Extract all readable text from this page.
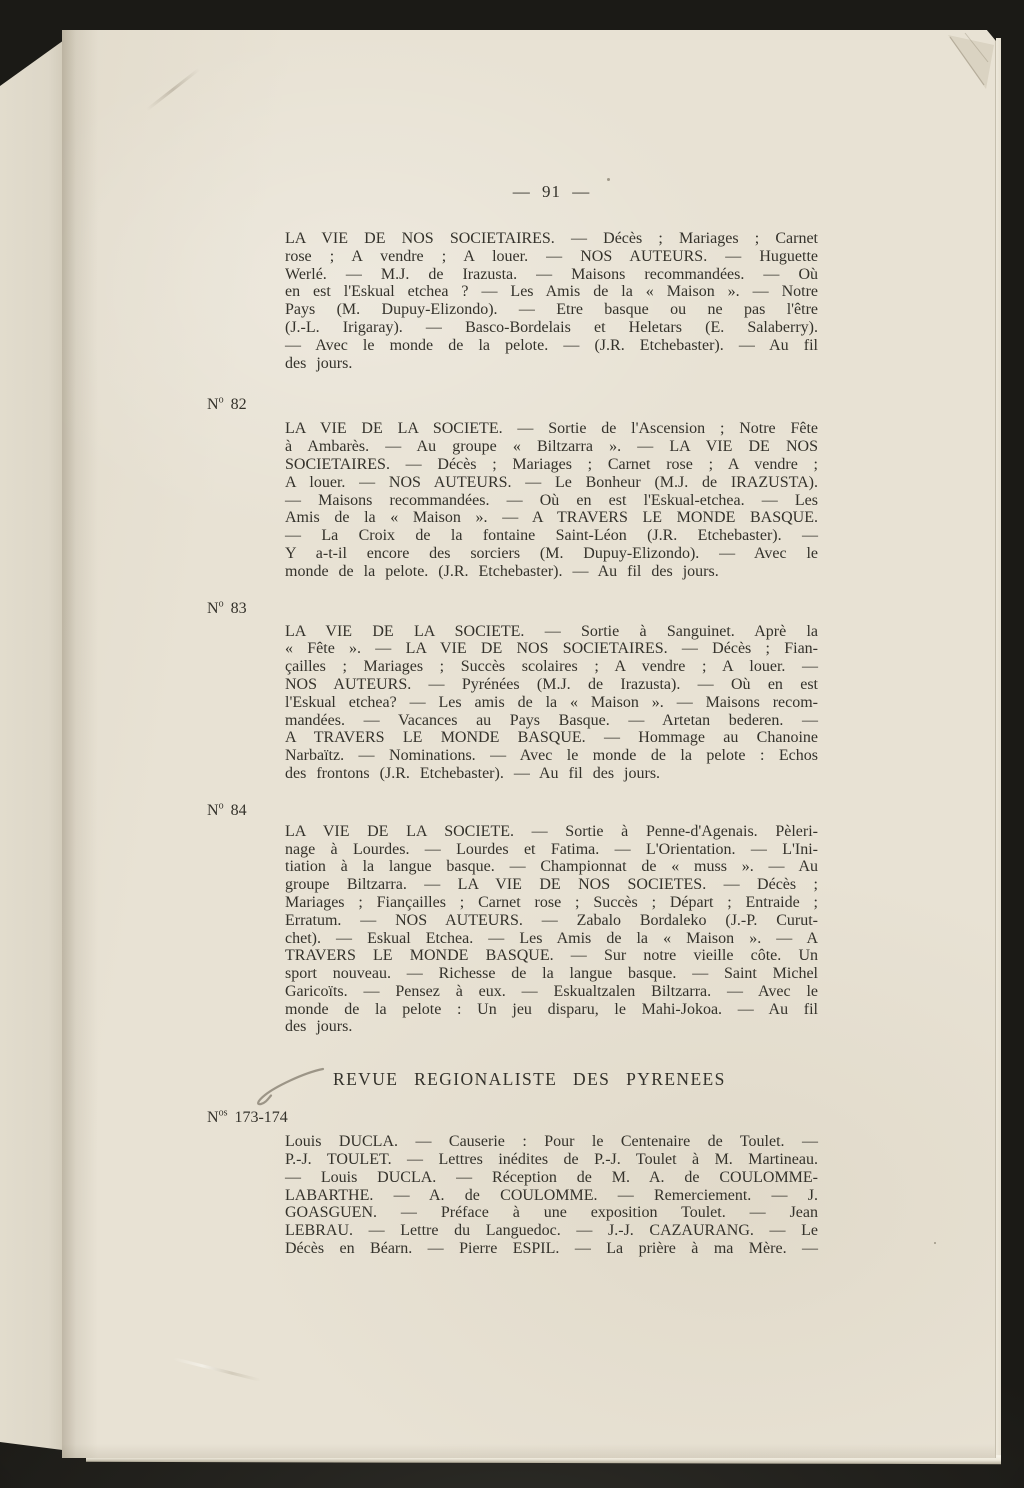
— 91 —
LA VIE DE NOS SOCIETAIRES. — Décès ; Mariages ; Carnet
rose ; A vendre ; A louer. — NOS AUTEURS. — Huguette
Werlé. — M.J. de Irazusta. — Maisons recommandées. — Où
en est l'Eskual etchea ? — Les Amis de la « Maison ». — Notre
Pays (M. Dupuy-Elizondo). — Etre basque ou ne pas l'être
(J.-L. Irigaray). — Basco-Bordelais et Heletars (E. Salaberry).
— Avec le monde de la pelote. — (J.R. Etchebaster). — Au fil
des jours.
$N^o$ 82
LA VIE DE LA SOCIETE. — Sortie de l'Ascension ; Notre Fête
à Ambarès. — Au groupe « Biltzarra ». — LA VIE DE NOS
SOCIETAIRES. — Décès ; Mariages ; Carnet rose ; A vendre ;
A louer. — NOS AUTEURS. — Le Bonheur (M.J. de IRAZUSTA).
— Maisons recommandées. — Où en est l'Eskual-etchea. — Les
Amis de la « Maison ». — A TRAVERS LE MONDE BASQUE.
— La Croix de la fontaine Saint-Léon (J.R. Etchebaster). —
Y a-t-il encore des sorciers (M. Dupuy-Elizondo). — Avec le
monde de la pelote. (J.R. Etchebaster). — Au fil des jours.
$N^o$ 83
LA VIE DE LA SOCIETE. — Sortie à Sanguinet. Aprè la
« Fête ». — LA VIE DE NOS SOCIETAIRES. — Décès ; Fian-
çailles ; Mariages ; Succès scolaires ; A vendre ; A louer. —
NOS AUTEURS. — Pyrénées (M.J. de Irazusta). — Où en est
l'Eskual etchea? — Les amis de la « Maison ». — Maisons recom-
mandées. — Vacances au Pays Basque. — Artetan bederen. —
A TRAVERS LE MONDE BASQUE. — Hommage au Chanoine
Narbaïtz. — Nominations. — Avec le monde de la pelote : Echos
des frontons (J.R. Etchebaster). — Au fil des jours.
$N^o$ 84
LA VIE DE LA SOCIETE. — Sortie à Penne-d'Agenais. Pèleri-
nage à Lourdes. — Lourdes et Fatima. — L'Orientation. — L'Ini-
tiation à la langue basque. — Championnat de « muss ». — Au
groupe Biltzarra. — LA VIE DE NOS SOCIETES. — Décès ;
Mariages ; Fiançailles ; Carnet rose ; Succès ; Départ ; Entraide ;
Erratum. — NOS AUTEURS. — Zabalo Bordaleko (J.-P. Curut-
chet). — Eskual Etchea. — Les Amis de la « Maison ». — A
TRAVERS LE MONDE BASQUE. — Sur notre vieille côte. Un
sport nouveau. — Richesse de la langue basque. — Saint Michel
Garicoïts. — Pensez à eux. — Eskualtzalen Biltzarra. — Avec le
monde de la pelote : Un jeu disparu, le Mahi-Jokoa. — Au fil
des jours.
REVUE REGIONALISTE DES PYRENEES
$N^{os}$ 173-174
Louis DUCLA. — Causerie : Pour le Centenaire de Toulet. —
P.-J. TOULET. — Lettres inédites de P.-J. Toulet à M. Martineau.
— Louis DUCLA. — Réception de M. A. de COULOMME-
LABARTHE. — A. de COULOMME. — Remerciement. — J.
GOASGUEN. — Préface à une exposition Toulet. — Jean
LEBRAU. — Lettre du Languedoc. — J.-J. CAZAURANG. — Le
Décès en Béarn. — Pierre ESPIL. — La prière à ma Mère. —
